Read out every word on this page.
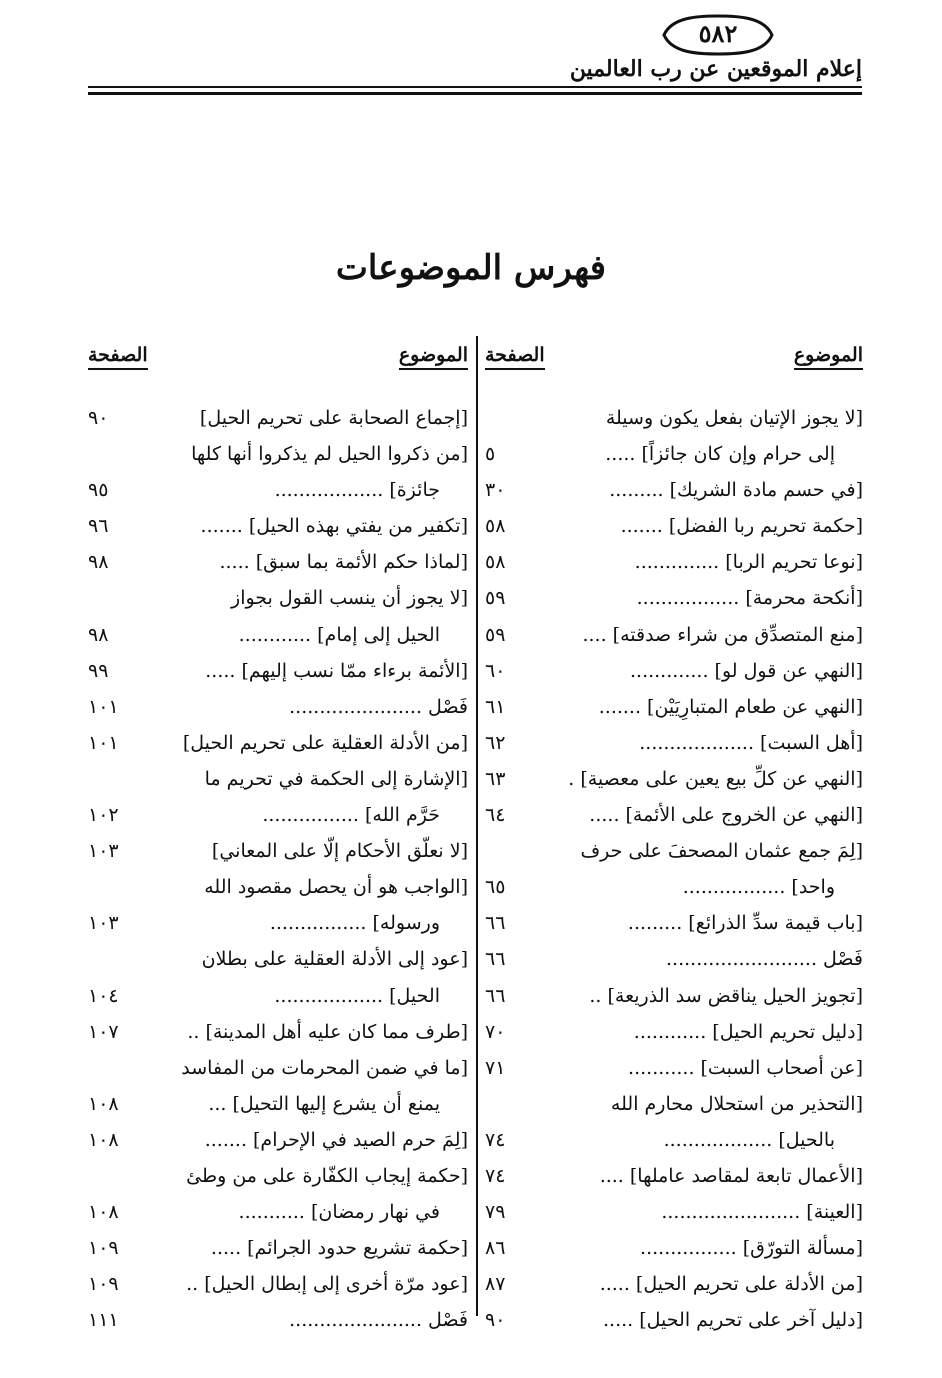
إعلام الموقعين عن رب العالمين
٥٨٢
فهرس الموضوعات
الموضوع
الصفحة
[لا يجوز الإتيان بفعل يكون وسيلة
إلى حرام وإن كان جائزاً] .....
٥
[في حسم مادة الشريك] .........
٣٠
[حكمة تحريم ربا الفضل] .......
٥٨
[نوعا تحريم الربا] ..............
٥٨
[أنكحة محرمة] .................
٥٩
[منع المتصدِّق من شراء صدقته] ....
٥٩
[النهي عن قول لو] .............
٦٠
[النهي عن طعام المتبارِيَيْن] .......
٦١
[أهل السبت] ...................
٦٢
[النهي عن كلِّ بيع يعين على معصية] .
٦٣
[النهي عن الخروج على الأئمة] .....
٦٤
[لِمَ جمع عثمان المصحفَ على حرف
واحد] .................
٦٥
[باب قيمة سدِّ الذرائع] .........
٦٦
فَصْل .........................
٦٦
[تجويز الحيل يناقض سد الذريعة] ..
٦٦
[دليل تحريم الحيل] ............
٧٠
[عن أصحاب السبت] ...........
٧١
[التحذير من استحلال محارم الله
بالحيل] ..................
٧٤
[الأعمال تابعة لمقاصد عاملها] ....
٧٤
[العينة] .......................
٧٩
[مسألة التورّق] ................
٨٦
[من الأدلة على تحريم الحيل] .....
٨٧
[دليل آخر على تحريم الحيل] .....
٩٠
الموضوع
الصفحة
[إجماع الصحابة على تحريم الحيل]
٩٠
[من ذكروا الحيل لم يذكروا أنها كلها
جائزة] ..................
٩٥
[تكفير من يفتي بهذه الحيل] .......
٩٦
[لماذا حكم الأئمة بما سبق] .....
٩٨
[لا يجوز أن ينسب القول بجواز
الحيل إلى إمام] ............
٩٨
[الأئمة برءاء ممّا نسب إليهم] .....
٩٩
فَصْل ......................
١٠١
[من الأدلة العقلية على تحريم الحيل]
١٠١
[الإشارة إلى الحكمة في تحريم ما
حَرَّم الله] ................
١٠٢
[لا نعلّق الأحكام إلّا على المعاني]
١٠٣
[الواجب هو أن يحصل مقصود الله
ورسوله] ................
١٠٣
[عود إلى الأدلة العقلية على بطلان
الحيل] ..................
١٠٤
[طرف مما كان عليه أهل المدينة] ..
١٠٧
[ما في ضمن المحرمات من المفاسد
يمنع أن يشرع إليها التحيل] ...
١٠٨
[لِمَ حرم الصيد في الإحرام] .......
١٠٨
[حكمة إيجاب الكفّارة على من وطئ
في نهار رمضان] ...........
١٠٨
[حكمة تشريع حدود الجرائم] .....
١٠٩
[عود مرّة أخرى إلى إبطال الحيل] ..
١٠٩
فَصْل ......................
١١١
